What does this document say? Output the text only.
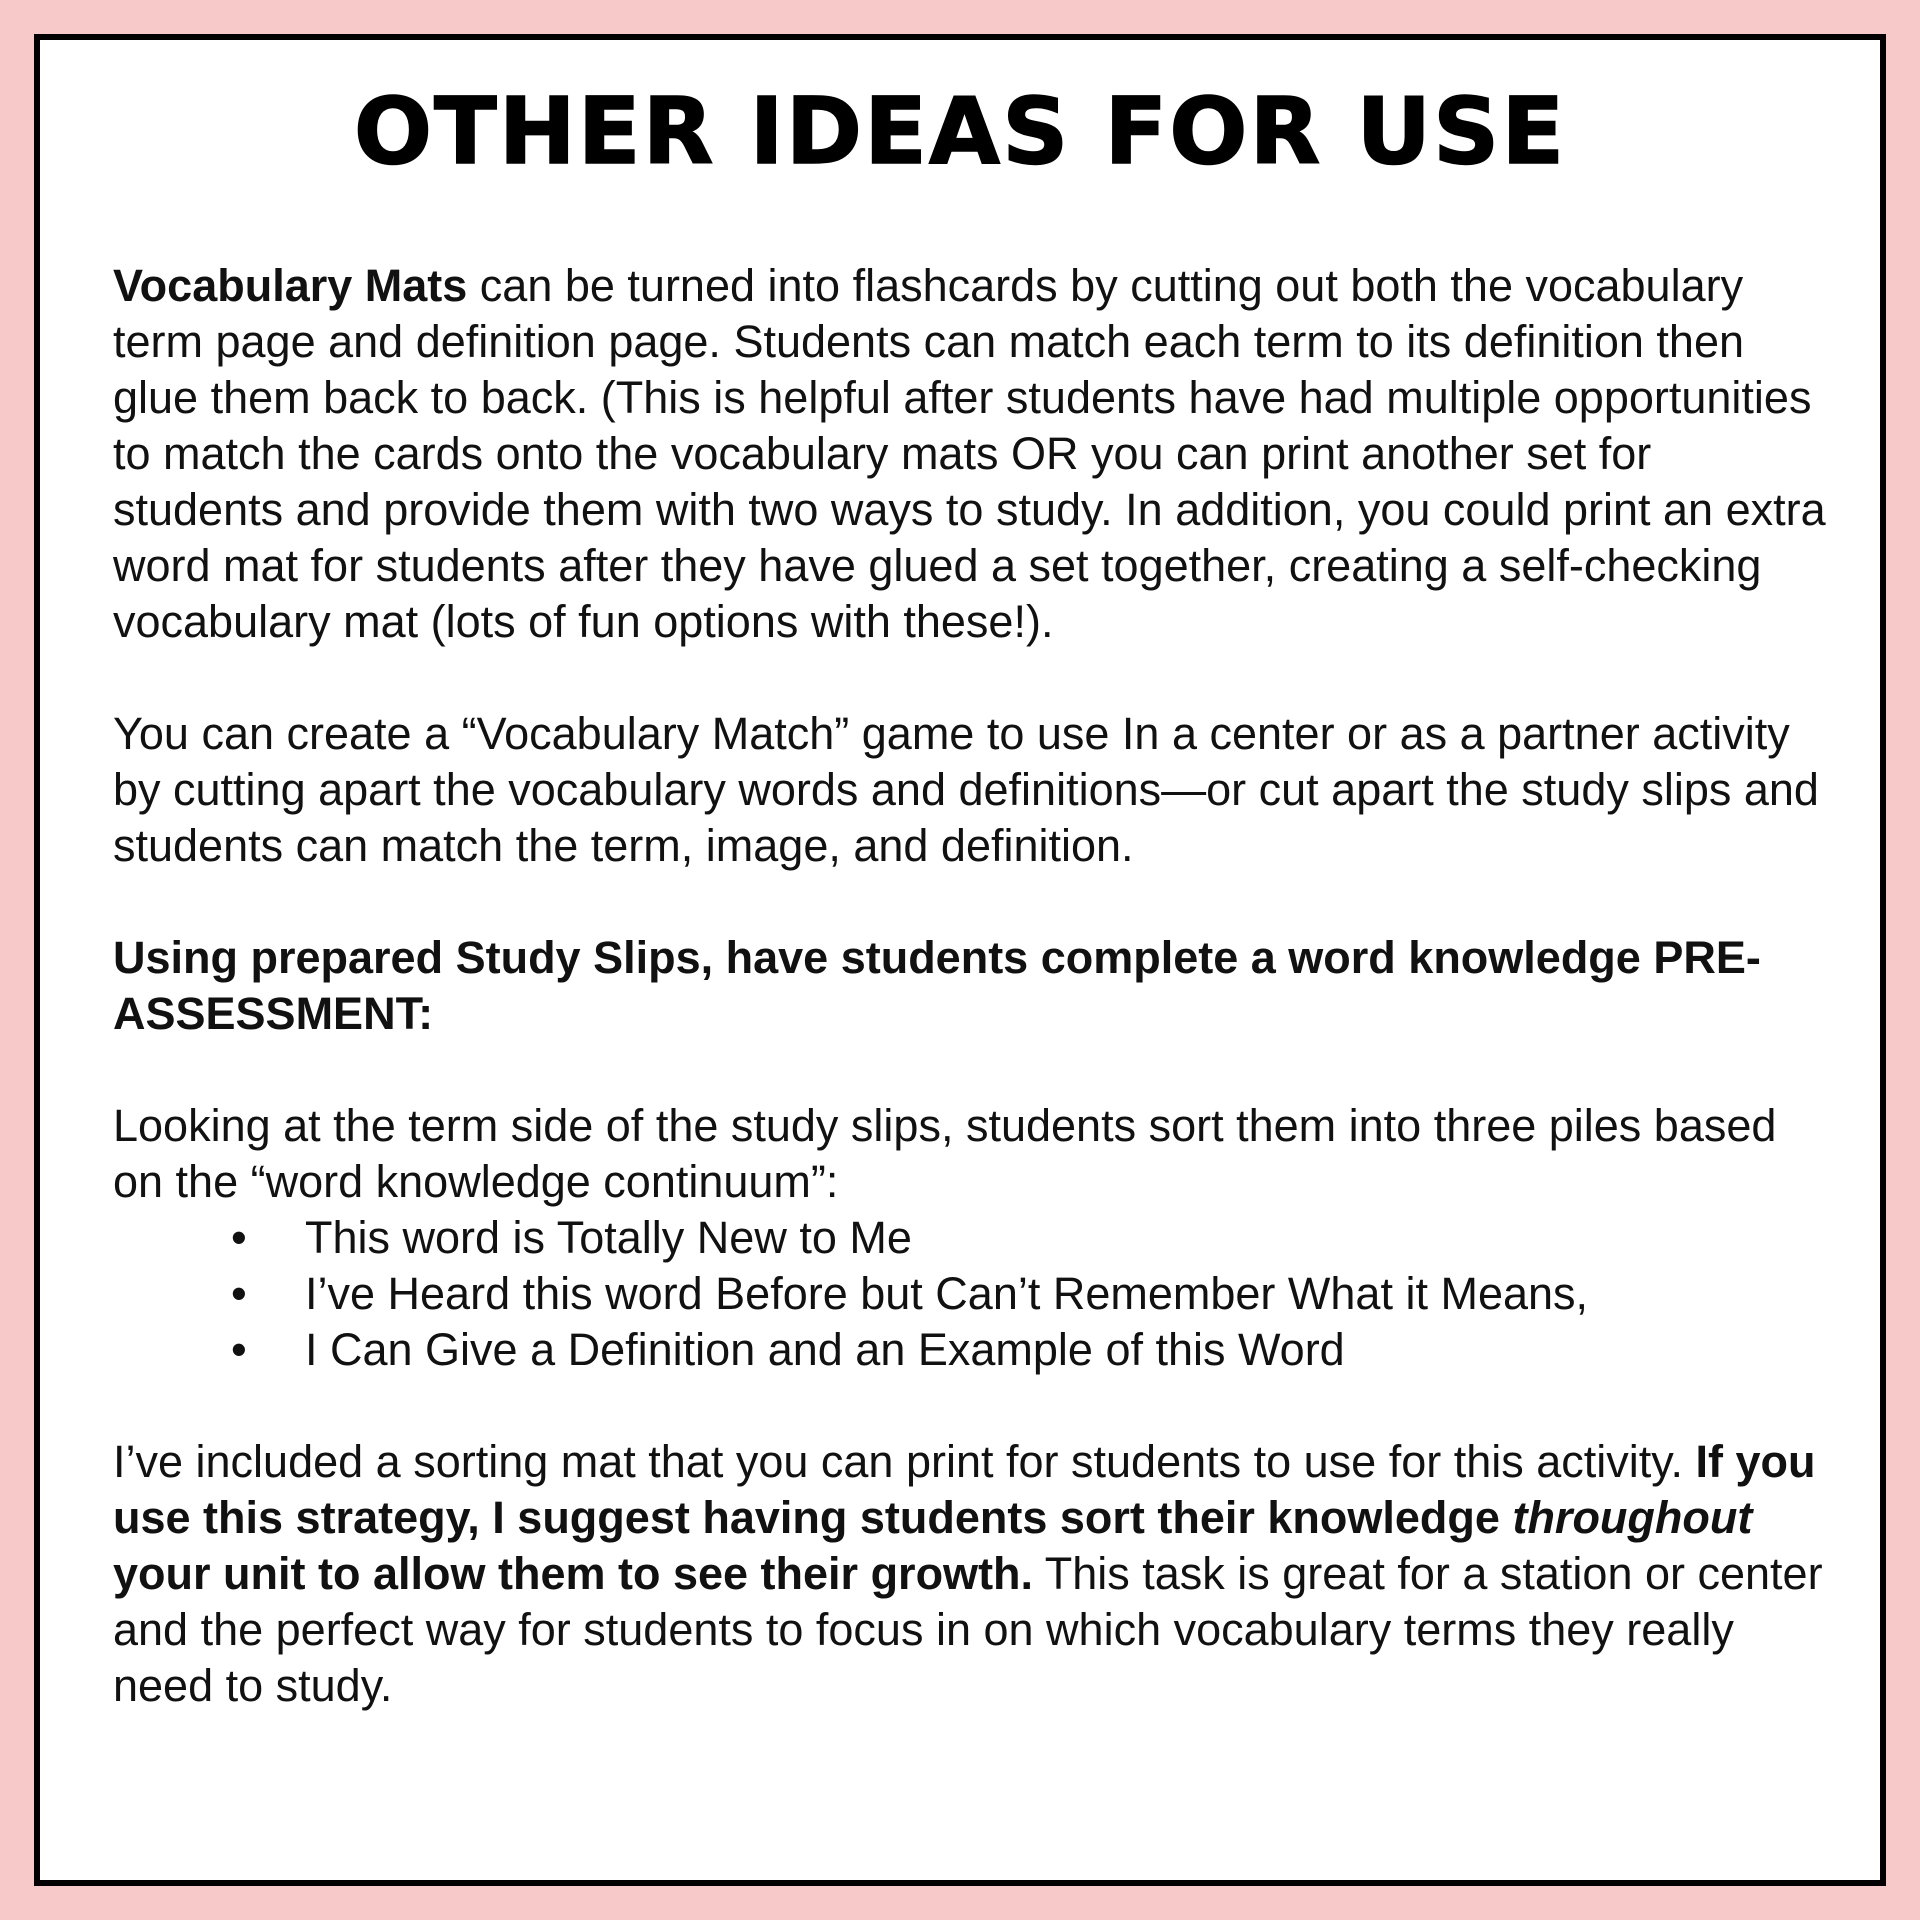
OTHER IDEAS FOR USE

Vocabulary Mats can be turned into flashcards by cutting out both the vocabulary term page and definition page. Students can match each term to its definition then glue them back to back. (This is helpful after students have had multiple opportunities to match the cards onto the vocabulary mats OR you can print another set for students and provide them with two ways to study. In addition, you could print an extra word mat for students after they have glued a set together, creating a self-checking vocabulary mat (lots of fun options with these!).

You can create a “Vocabulary Match” game to use In a center or as a partner activity by cutting apart the vocabulary words and definitions—or cut apart the study slips and students can match the term, image, and definition.

Using prepared Study Slips, have students complete a word knowledge PRE-ASSESSMENT:

Looking at the term side of the study slips, students sort them into three piles based on the “word knowledge continuum”:

• This word is Totally New to Me
• I’ve Heard this word Before but Can’t Remember What it Means,
• I Can Give a Definition and an Example of this Word

I’ve included a sorting mat that you can print for students to use for this activity. If you use this strategy, I suggest having students sort their knowledge throughout your unit to allow them to see their growth. This task is great for a station or center and the perfect way for students to focus in on which vocabulary terms they really need to study.
